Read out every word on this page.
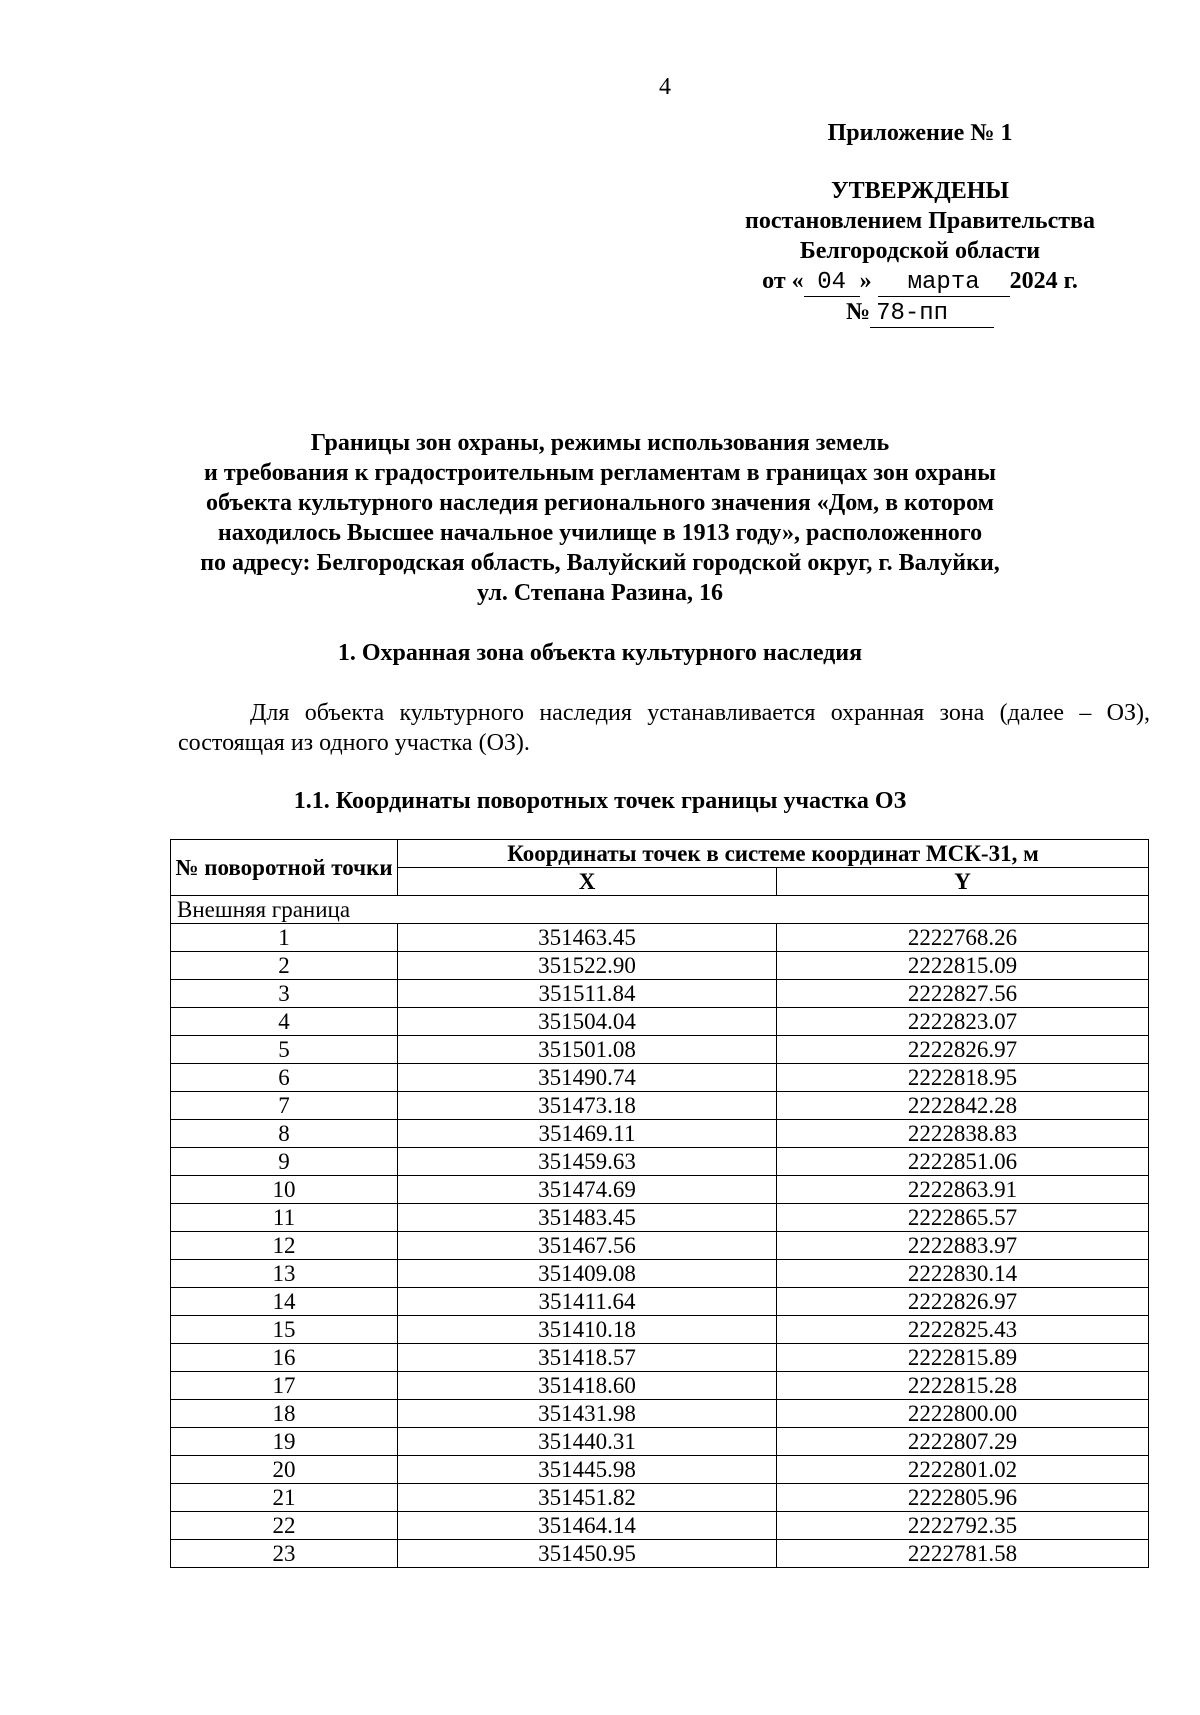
4
Приложение № 1
УТВЕРЖДЕНЫ
постановлением Правительства
Белгородской области
от « 04 » марта 2024 г.
№ 78-пп
Границы зон охраны, режимы использования земель
и требования к градостроительным регламентам в границах зон охраны
объекта культурного наследия регионального значения «Дом, в котором
находилось Высшее начальное училище в 1913 году», расположенного
по адресу: Белгородская область, Валуйский городской округ, г. Валуйки,
ул. Степана Разина, 16
1. Охранная зона объекта культурного наследия
Для объекта культурного наследия устанавливается охранная зона (далее – ОЗ), состоящая из одного участка (ОЗ).
1.1. Координаты поворотных точек границы участка ОЗ
№ поворотной точки	Координаты точек в системе координат МСК-31, м	
	X	Y
Внешняя граница		
1	351463.45	2222768.26
2	351522.90	2222815.09
3	351511.84	2222827.56
4	351504.04	2222823.07
5	351501.08	2222826.97
6	351490.74	2222818.95
7	351473.18	2222842.28
8	351469.11	2222838.83
9	351459.63	2222851.06
10	351474.69	2222863.91
11	351483.45	2222865.57
12	351467.56	2222883.97
13	351409.08	2222830.14
14	351411.64	2222826.97
15	351410.18	2222825.43
16	351418.57	2222815.89
17	351418.60	2222815.28
18	351431.98	2222800.00
19	351440.31	2222807.29
20	351445.98	2222801.02
21	351451.82	2222805.96
22	351464.14	2222792.35
23	351450.95	2222781.58
